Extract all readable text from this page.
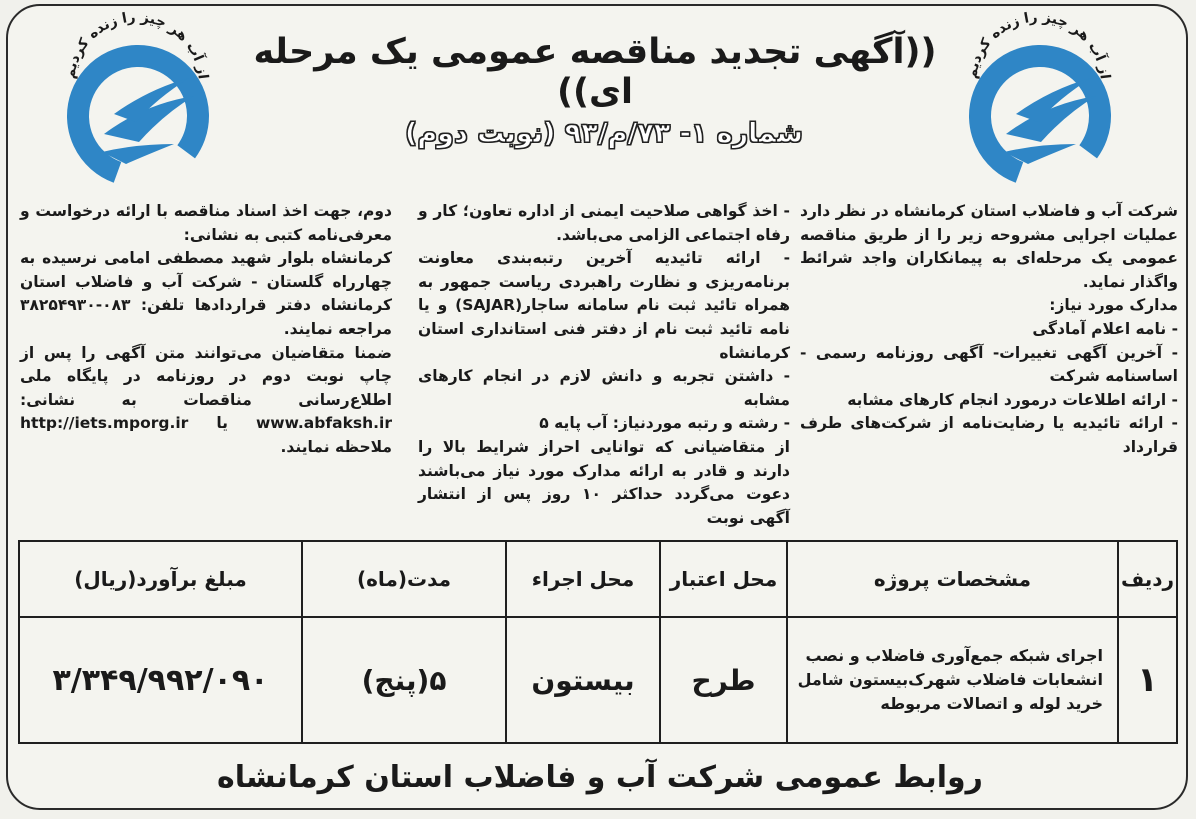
از آب هر چیز را زنده کردیم	از آب هر چیز را زنده کردیم
((آگهی تجدید مناقصه عمومی یک مرحله ای))
شماره ۱- ۷۳/م/۹۳ (نوبت دوم)

شرکت آب و فاضلاب استان کرمانشاه در نظر دارد عملیات اجرایی مشروحه زیر را از طریق مناقصه عمومی یک مرحله‌ای به پیمانکاران واجد شرائط واگذار نماید.

مدارک مورد نیاز:

- نامه اعلام آمادگی

- آخرین آگهی تغییرات- آگهی روزنامه رسمی - اساسنامه شرکت

- ارائه اطلاعات درمورد انجام کارهای مشابه

- ارائه تائیدیه یا رضایت‌نامه از شرکت‌های طرف قرارداد

- اخذ گواهی صلاحیت ایمنی از اداره تعاون؛ کار و رفاه اجتماعی الزامی می‌باشد.

- ارائه تائیدیه آخرین رتبه‌بندی معاونت برنامه‌ریزی و نظارت راهبردی ریاست جمهور به همراه تائید ثبت نام سامانه ساجار(SAJAR) و یا نامه تائید ثبت نام از دفتر فنی استانداری استان کرمانشاه

- داشتن تجربه و دانش لازم در انجام کارهای مشابه

- رشته و رتبه موردنیاز: آب پایه ۵

از متقاضیانی که توانایی احراز شرایط بالا را دارند و قادر به ارائه مدارک مورد نیاز می‌باشند دعوت می‌گردد حداکثر ۱۰ روز پس از انتشار آگهی نوبت

دوم، جهت اخذ اسناد مناقصه با ارائه درخواست و معرفی‌نامه کتبی به نشانی:

کرمانشاه بلوار شهید مصطفی امامی نرسیده به چهارراه گلستان - شرکت آب و فاضلاب استان کرمانشاه دفتر قراردادها تلفن: ۰۸۳-۳۸۲۵۴۹۳۰ مراجعه نمایند.

ضمنا متقاضیان می‌توانند متن آگهی را پس از چاپ نوبت دوم در روزنامه در پایگاه ملی اطلاع‌رسانی مناقصات به نشانی: www.abfaksh.ir یا http://iets.mporg.ir ملاحظه نمایند.

ردیف	مشخصات پروژه	محل اعتبار	محل اجراء	مدت(ماه)	مبلغ برآورد(ریال)
۱	اجرای شبکه جمع‌آوری فاضلاب و نصب انشعابات فاضلاب شهرک‌بیستون شامل خرید لوله و اتصالات مربوطه	طرح	بیستون	۵(پنج)	۳/۳۴۹/۹۹۲/۰۹۰
روابط عمومی شرکت آب و فاضلاب استان کرمانشاه
